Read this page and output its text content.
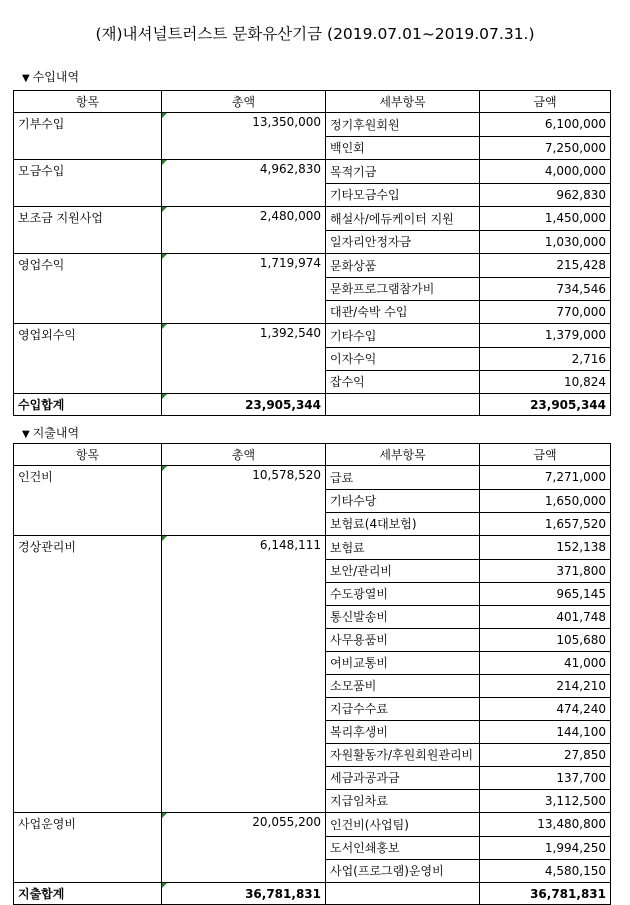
(재)내셔널트러스트 문화유산기금 (2019.07.01~2019.07.31.)
▼ 수입내역
항목	총액	세부항목	금액
기부수입	13,350,000	정기후원회원	6,100,000
		백인회	7,250,000
모금수입	4,962,830	목적기금	4,000,000
		기타모금수입	962,830
보조금 지원사업	2,480,000	해설사/에듀케이터 지원	1,450,000
		일자리안정자금	1,030,000
영업수익	1,719,974	문화상품	215,428
		문화프로그램참가비	734,546
		대관/숙박 수입	770,000
영업외수익	1,392,540	기타수입	1,379,000
		이자수익	2,716
		잡수익	10,824
수입합계	23,905,344		23,905,344
▼ 지출내역
항목	총액	세부항목	금액
인건비	10,578,520	급료	7,271,000
		기타수당	1,650,000
		보험료(4대보험)	1,657,520
경상관리비	6,148,111	보험료	152,138
		보안/관리비	371,800
		수도광열비	965,145
		통신발송비	401,748
		사무용품비	105,680
		여비교통비	41,000
		소모품비	214,210
		지급수수료	474,240
		복리후생비	144,100
		자원활동가/후원회원관리비	27,850
		세금과공과금	137,700
		지급임차료	3,112,500
사업운영비	20,055,200	인건비(사업팀)	13,480,800
		도서인쇄홍보	1,994,250
		사업(프로그램)운영비	4,580,150
지출합계	36,781,831		36,781,831
